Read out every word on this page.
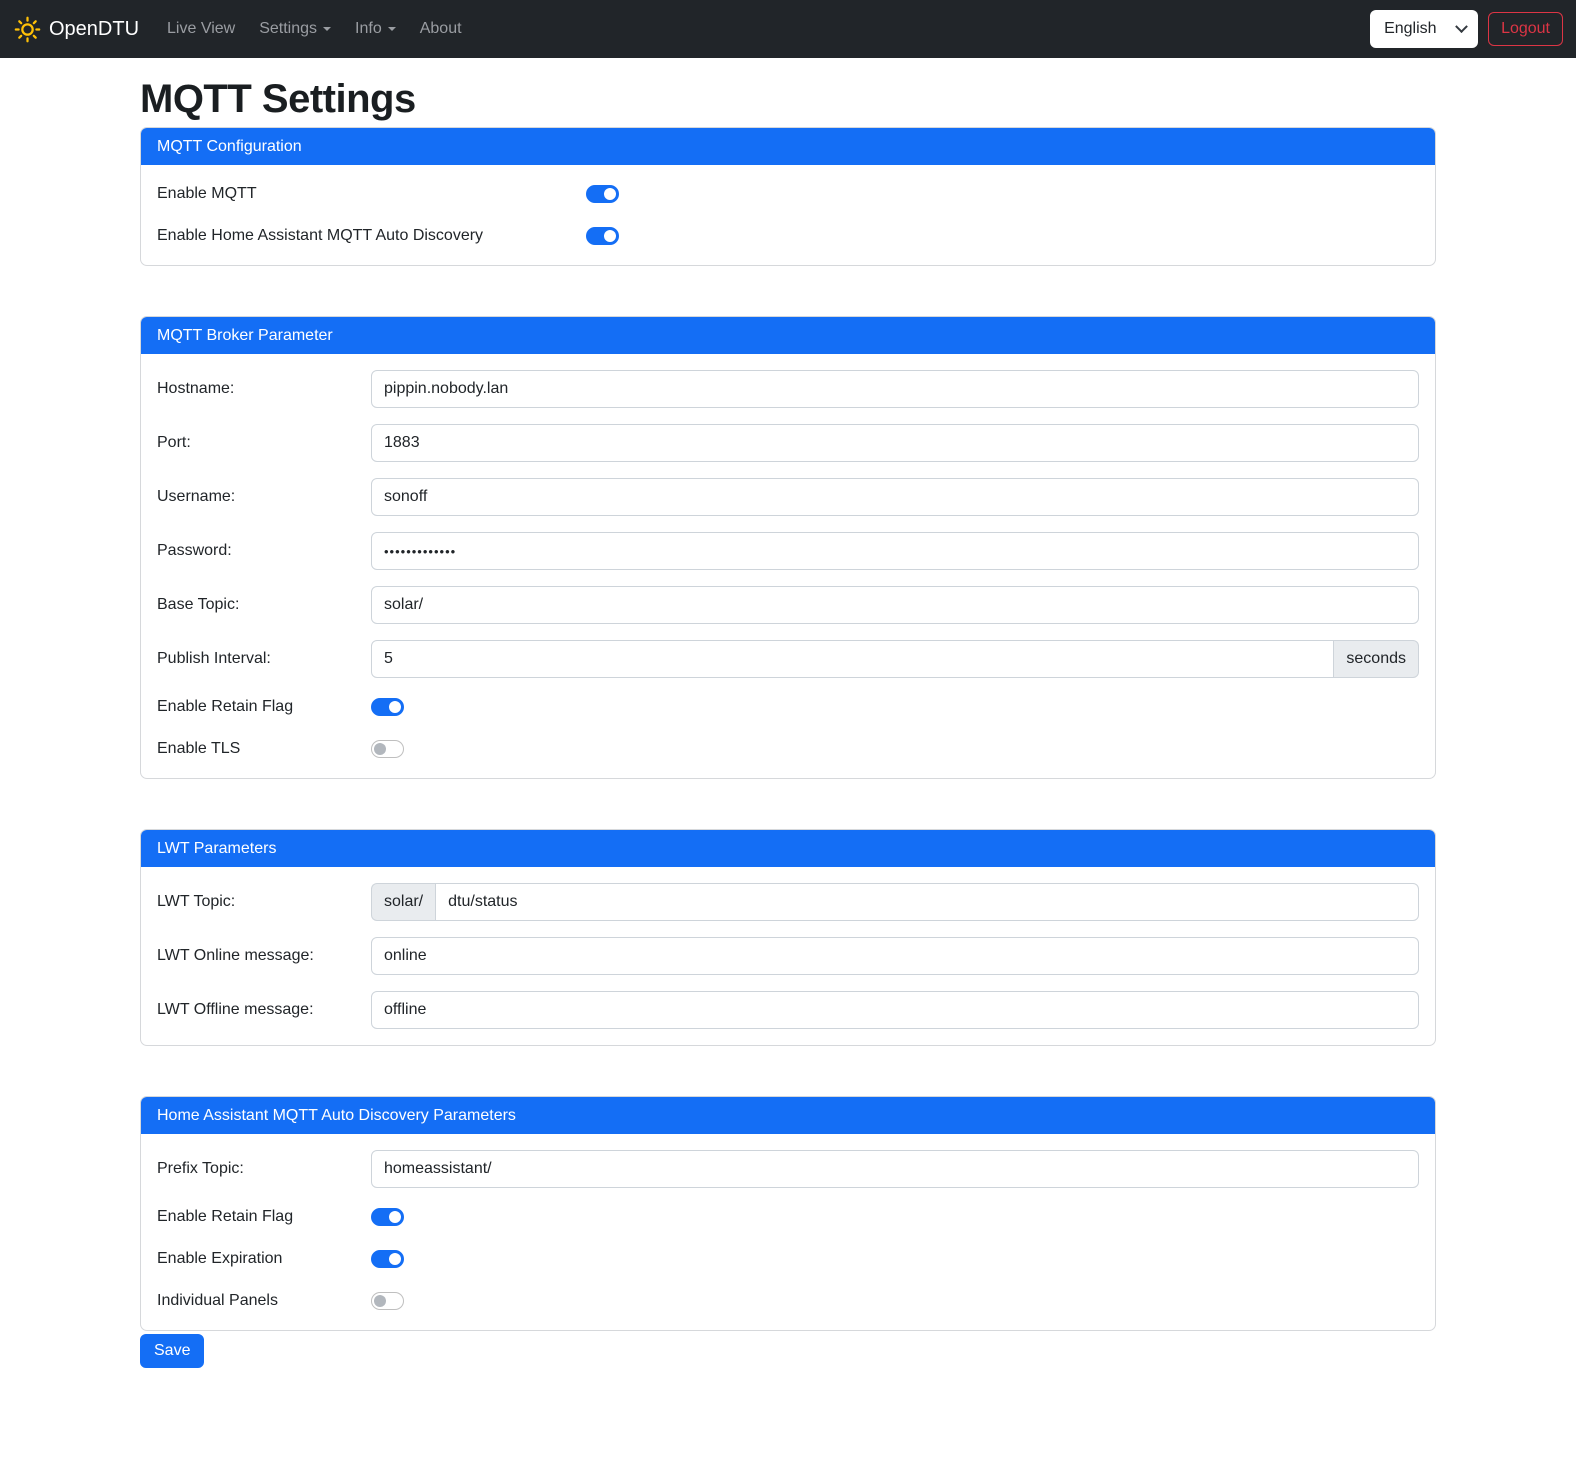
OpenDTU Live View Settings Info About	English	Logout
MQTT Settings
MQTT Configuration
Enable MQTT
Enable Home Assistant MQTT Auto Discovery
MQTT Broker Parameter
Hostname:
pippin.nobody.lan
Port:
1883
Username:
sonoff
Password:
•••••••••••••
Base Topic:
solar/
Publish Interval:
5	seconds
Enable Retain Flag
Enable TLS
LWT Parameters
LWT Topic:	solar/
dtu/status
LWT Online message:
online
LWT Offline message:
offline
Home Assistant MQTT Auto Discovery Parameters
Prefix Topic:
homeassistant/
Enable Retain Flag
Enable Expiration
Individual Panels
Save
